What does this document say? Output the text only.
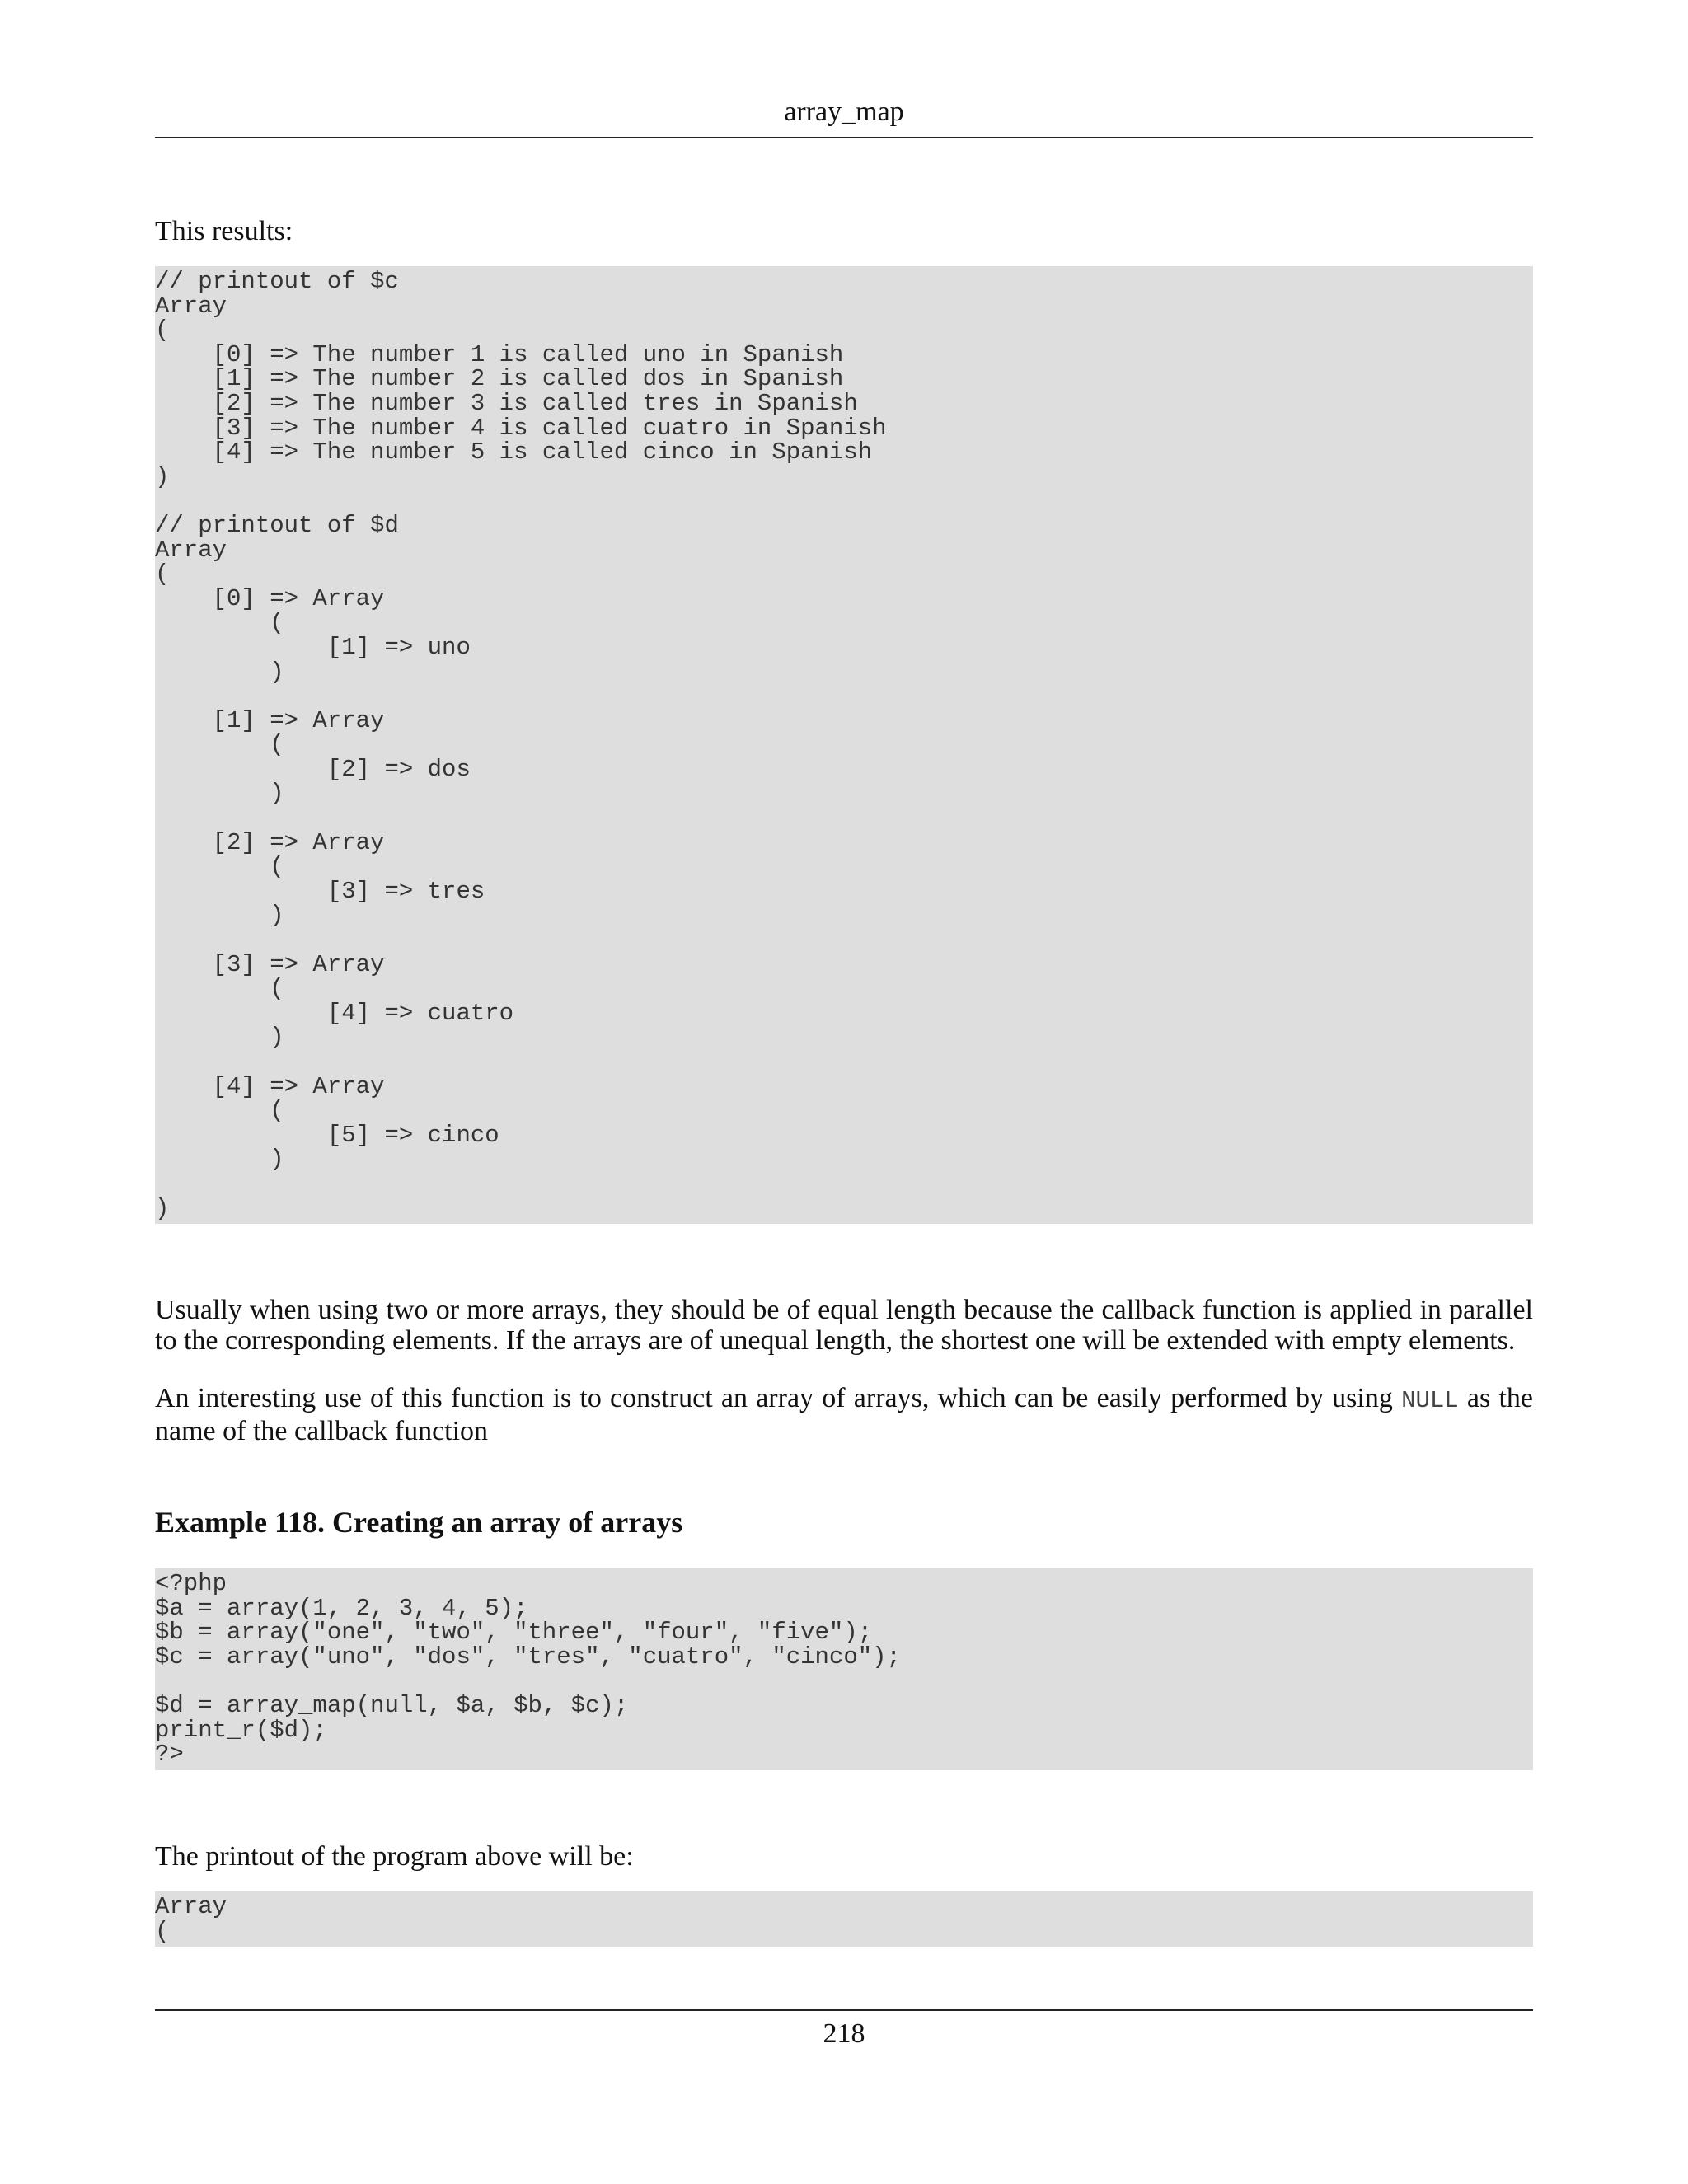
array_map

This results:

// printout of $c
Array
(
[0] => The number 1 is called uno in Spanish
[1] => The number 2 is called dos in Spanish
[2] => The number 3 is called tres in Spanish
[3] => The number 4 is called cuatro in Spanish
[4] => The number 5 is called cinco in Spanish
)

// printout of $d
Array
(
[0] => Array
(
[1] => uno
)

[1] => Array
(
[2] => dos
)

[2] => Array
(
[3] => tres
)

[3] => Array
(
[4] => cuatro
)

[4] => Array
(
[5] => cinco
)

)

Usually when using two or more arrays, they should be of equal length because the callback function is applied in parallel to the corresponding elements. If the arrays are of unequal length, the shortest one will be extended with empty elements.

An interesting use of this function is to construct an array of arrays, which can be easily performed by using NULL as the name of the callback function

Example 118. Creating an array of arrays
<?php
$a = array(1, 2, 3, 4, 5);
$b = array("one", "two", "three", "four", "five");
$c = array("uno", "dos", "tres", "cuatro", "cinco");

$d = array_map(null, $a, $b, $c);
print_r($d);
?>

The printout of the program above will be:

Array
(
218
